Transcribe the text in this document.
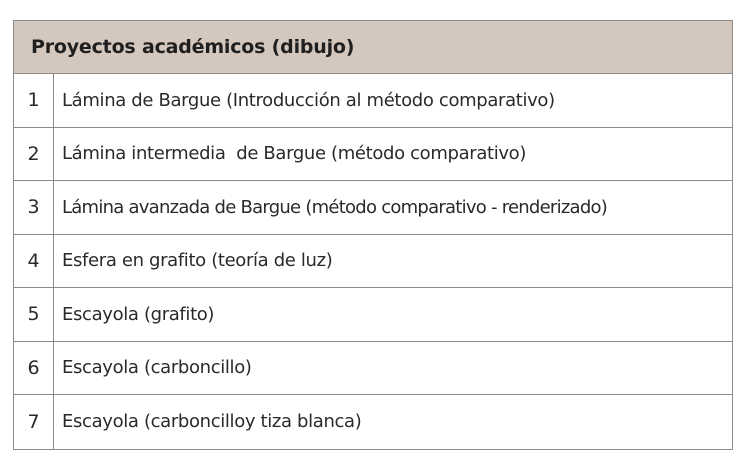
Proyectos académicos (dibujo)
1	Lámina de Bargue (Introducción al método comparativo)
2	Lámina intermedia  de Bargue (método comparativo)
3	Lámina avanzada de Bargue (método comparativo - renderizado)
4	Esfera en grafito (teoría de luz)
5	Escayola (grafito)
6	Escayola (carboncillo)
7	Escayola (carboncilloy tiza blanca)
